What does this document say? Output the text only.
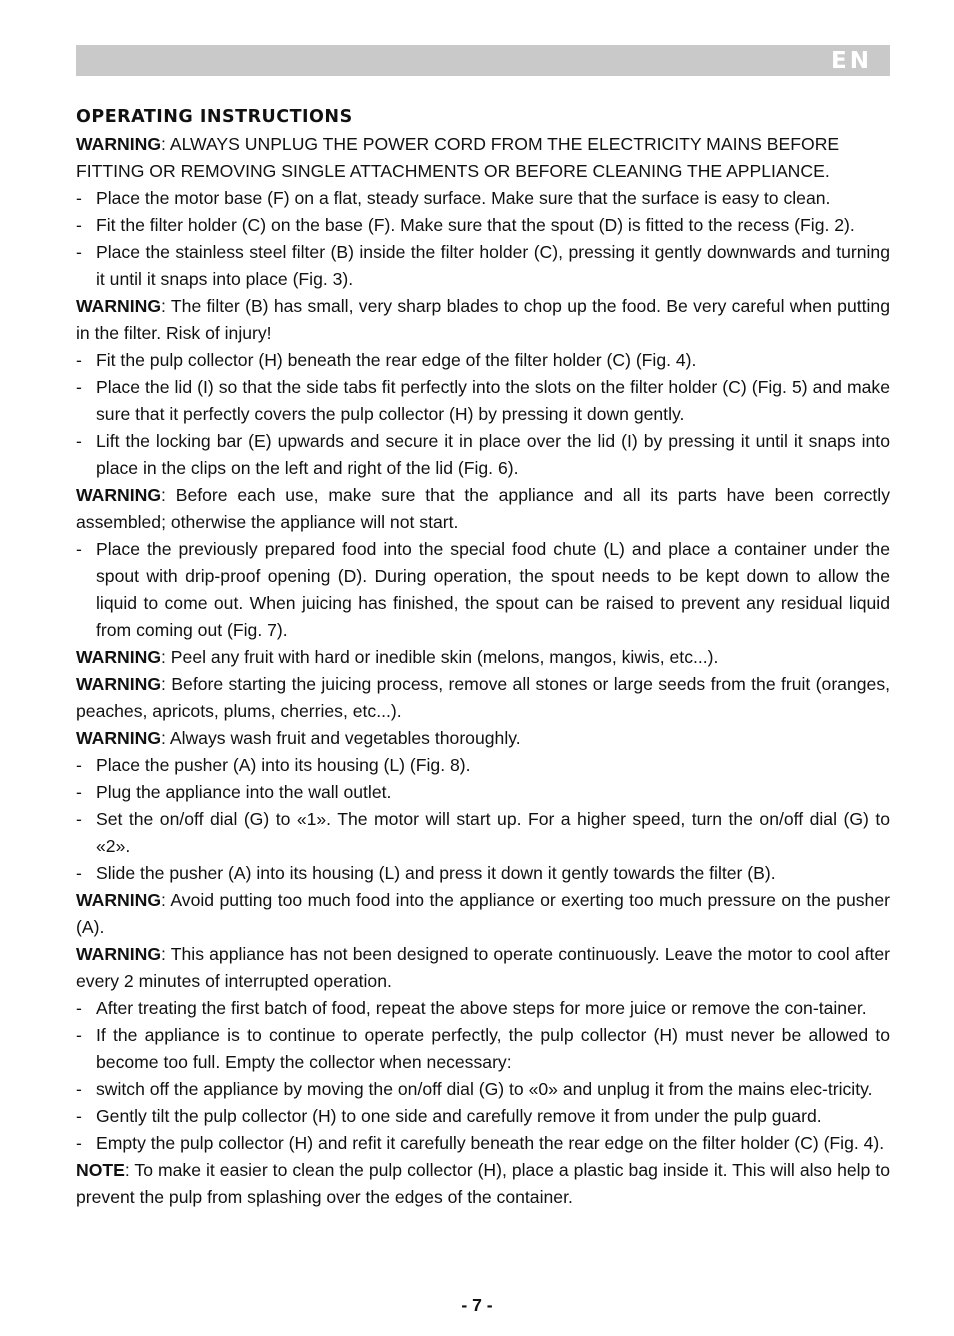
EN
OPERATING INSTRUCTIONS

WARNING: ALWAYS UNPLUG THE POWER CORD FROM THE ELECTRICITY MAINS BEFORE FITTING OR REMOVING SINGLE ATTACHMENTS OR BEFORE CLEANING THE APPLIANCE.

- Place the motor base (F) on a flat, steady surface. Make sure that the surface is easy to clean.

- Fit the filter holder (C) on the base (F). Make sure that the spout (D) is fitted to the recess (Fig. 2).

- Place the stainless steel filter (B) inside the filter holder (C), pressing it gently downwards and turning it until it snaps into place (Fig. 3).

WARNING: The filter (B) has small, very sharp blades to chop up the food. Be very careful when putting in the filter. Risk of injury!

- Fit the pulp collector (H) beneath the rear edge of the filter holder (C) (Fig. 4).

- Place the lid (I) so that the side tabs fit perfectly into the slots on the filter holder (C) (Fig. 5) and make sure that it perfectly covers the pulp collector (H) by pressing it down gently.

- Lift the locking bar (E) upwards and secure it in place over the lid (I) by pressing it until it snaps into place in the clips on the left and right of the lid (Fig. 6).

WARNING: Before each use, make sure that the appliance and all its parts have been correctly assembled; otherwise the appliance will not start.

- Place the previously prepared food into the special food chute (L) and place a container under the spout with drip-proof opening (D). During operation, the spout needs to be kept down to allow the liquid to come out. When juicing has finished, the spout can be raised to prevent any residual liquid from coming out (Fig. 7).

WARNING: Peel any fruit with hard or inedible skin (melons, mangos, kiwis, etc...).

WARNING: Before starting the juicing process, remove all stones or large seeds from the fruit (oranges, peaches, apricots, plums, cherries, etc...).

WARNING: Always wash fruit and vegetables thoroughly.

- Place the pusher (A) into its housing (L) (Fig. 8).

- Plug the appliance into the wall outlet.

- Set the on/off dial (G) to «1». The motor will start up. For a higher speed, turn the on/off dial (G) to «2».

- Slide the pusher (A) into its housing (L) and press it down it gently towards the filter (B).

WARNING: Avoid putting too much food into the appliance or exerting too much pressure on the pusher (A).

WARNING: This appliance has not been designed to operate continuously. Leave the motor to cool after every 2 minutes of interrupted operation.

- After treating the first batch of food, repeat the above steps for more juice or remove the con-tainer.

- If the appliance is to continue to operate perfectly, the pulp collector (H) must never be allowed to become too full. Empty the collector when necessary:

- switch off the appliance by moving the on/off dial (G) to «0» and unplug it from the mains elec-tricity.

- Gently tilt the pulp collector (H) to one side and carefully remove it from under the pulp guard.

- Empty the pulp collector (H) and refit it carefully beneath the rear edge on the filter holder (C) (Fig. 4).

NOTE: To make it easier to clean the pulp collector (H), place a plastic bag inside it. This will also help to prevent the pulp from splashing over the edges of the container.

- 7 -
